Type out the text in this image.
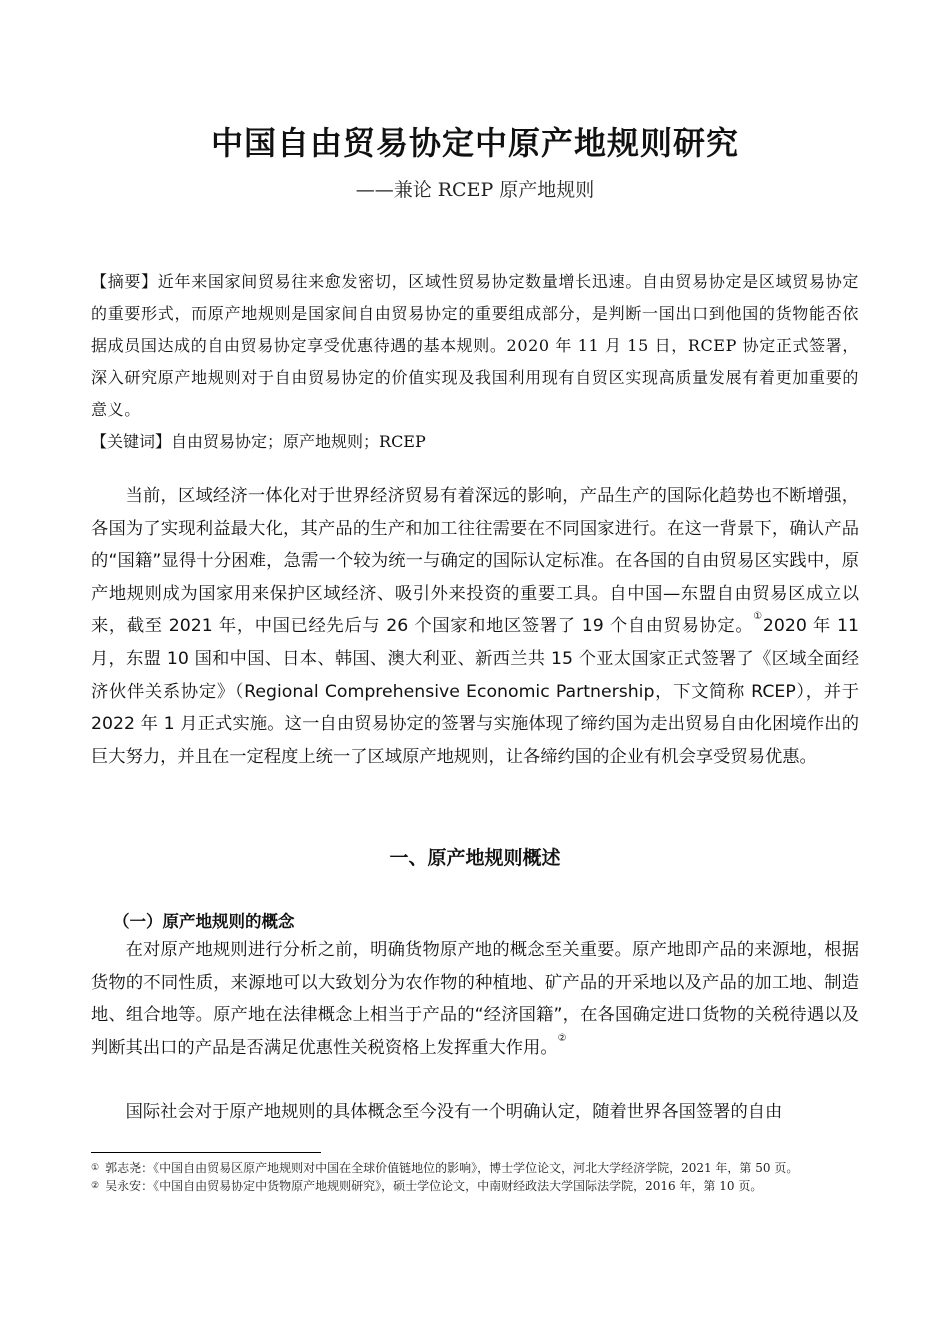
中国自由贸易协定中原产地规则研究
——兼论 RCEP 原产地规则
【摘要】近年来国家间贸易往来愈发密切，区域性贸易协定数量增长迅速。自由贸易协定是区域贸易协定的重要形式，而原产地规则是国家间自由贸易协定的重要组成部分，是判断一国出口到他国的货物能否依据成员国达成的自由贸易协定享受优惠待遇的基本规则。2020 年 11 月 15 日，RCEP 协定正式签署，深入研究原产地规则对于自由贸易协定的价值实现及我国利用现有自贸区实现高质量发展有着更加重要的意义。
【关键词】自由贸易协定；原产地规则；RCEP

当前，区域经济一体化对于世界经济贸易有着深远的影响，产品生产的国际化趋势也不断增强，各国为了实现利益最大化，其产品的生产和加工往往需要在不同国家进行。在这一背景下，确认产品的“国籍”显得十分困难，急需一个较为统一与确定的国际认定标准。在各国的自由贸易区实践中，原产地规则成为国家用来保护区域经济、吸引外来投资的重要工具。自中国—东盟自由贸易区成立以来，截至 2021 年，中国已经先后与 26 个国家和地区签署了 19 个自由贸易协定。①2020 年 11 月，东盟 10 国和中国、日本、韩国、澳大利亚、新西兰共 15 个亚太国家正式签署了《区域全面经济伙伴关系协定》（Regional Comprehensive Economic Partnership，下文简称 RCEP），并于 2022 年 1 月正式实施。这一自由贸易协定的签署与实施体现了缔约国为走出贸易自由化困境作出的巨大努力，并且在一定程度上统一了区域原产地规则，让各缔约国的企业有机会享受贸易优惠。

一、原产地规则概述
（一）原产地规则的概念

在对原产地规则进行分析之前，明确货物原产地的概念至关重要。原产地即产品的来源地，根据货物的不同性质，来源地可以大致划分为农作物的种植地、矿产品的开采地以及产品的加工地、制造地、组合地等。原产地在法律概念上相当于产品的“经济国籍”，在各国确定进口货物的关税待遇以及判断其出口的产品是否满足优惠性关税资格上发挥重大作用。②

国际社会对于原产地规则的具体概念至今没有一个明确认定，随着世界各国签署的自由

① 郭志尧：《中国自由贸易区原产地规则对中国在全球价值链地位的影响》，博士学位论文，河北大学经济学院，2021 年，第 50 页。

② 吴永安：《中国自由贸易协定中货物原产地规则研究》，硕士学位论文，中南财经政法大学国际法学院，2016 年，第 10 页。
